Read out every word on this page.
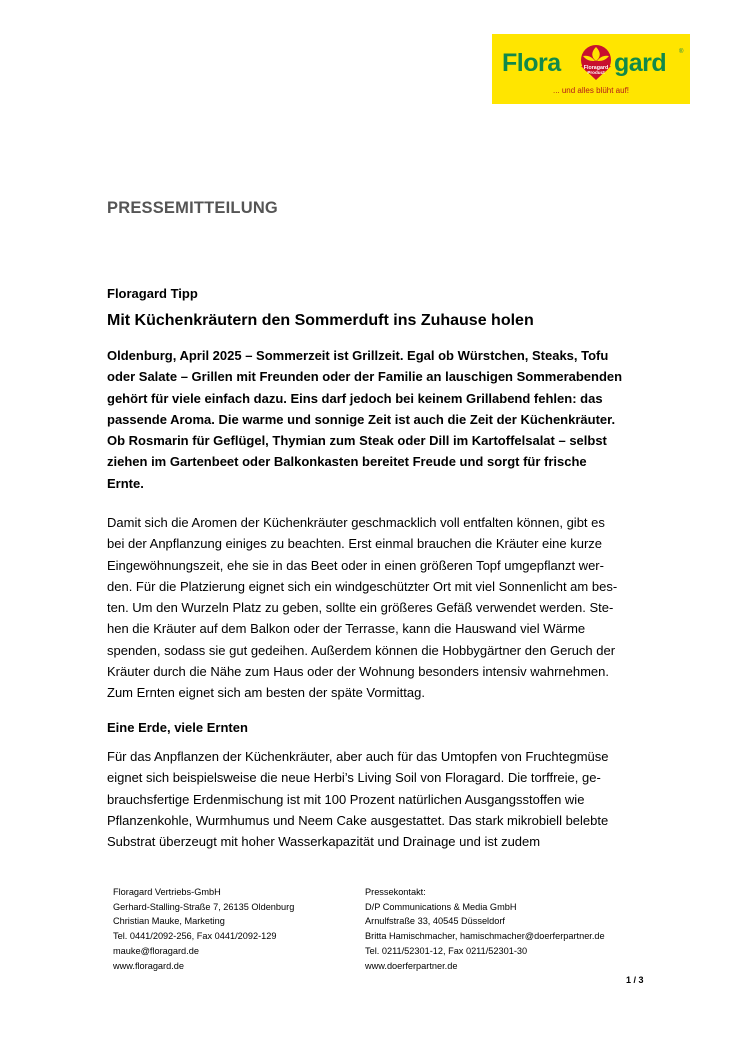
Flora	Floragard
Product gard ®
... und alles blüht auf!
PRESSEMITTEILUNG
Floragard Tipp
Mit Küchenkräutern den Sommerduft ins Zuhause holen

Oldenburg, April 2025 – Sommerzeit ist Grillzeit. Egal ob Würstchen, Steaks, Tofu
oder Salate – Grillen mit Freunden oder der Familie an lauschigen Sommerabenden
gehört für viele einfach dazu. Eins darf jedoch bei keinem Grillabend fehlen: das
passende Aroma. Die warme und sonnige Zeit ist auch die Zeit der Küchenkräuter.
Ob Rosmarin für Geflügel, Thymian zum Steak oder Dill im Kartoffelsalat – selbst
ziehen im Gartenbeet oder Balkonkasten bereitet Freude und sorgt für frische
Ernte.

Damit sich die Aromen der Küchenkräuter geschmacklich voll entfalten können, gibt es
bei der Anpflanzung einiges zu beachten. Erst einmal brauchen die Kräuter eine kurze
Eingewöhnungszeit, ehe sie in das Beet oder in einen größeren Topf umgepflanzt wer-
den. Für die Platzierung eignet sich ein windgeschützter Ort mit viel Sonnenlicht am bes-
ten. Um den Wurzeln Platz zu geben, sollte ein größeres Gefäß verwendet werden. Ste-
hen die Kräuter auf dem Balkon oder der Terrasse, kann die Hauswand viel Wärme
spenden, sodass sie gut gedeihen. Außerdem können die Hobbygärtner den Geruch der
Kräuter durch die Nähe zum Haus oder der Wohnung besonders intensiv wahrnehmen.
Zum Ernten eignet sich am besten der späte Vormittag.

Eine Erde, viele Ernten

Für das Anpflanzen der Küchenkräuter, aber auch für das Umtopfen von Fruchtegmüse
eignet sich beispielsweise die neue Herbi’s Living Soil von Floragard. Die torffreie, ge-
brauchsfertige Erdenmischung ist mit 100 Prozent natürlichen Ausgangsstoffen wie
Pflanzenkohle, Wurmhumus und Neem Cake ausgestattet. Das stark mikrobiell belebte
Substrat überzeugt mit hoher Wasserkapazität und Drainage und ist zudem

Floragard Vertriebs-GmbH
Gerhard-Stalling-Straße 7, 26135 Oldenburg
Christian Mauke, Marketing
Tel. 0441/2092-256, Fax 0441/2092-129
mauke@floragard.de
www.floragard.de
Pressekontakt:
D/P Communications & Media GmbH
Arnulfstraße 33, 40545 Düsseldorf
Britta Hamischmacher, hamischmacher@doerferpartner.de
Tel. 0211/52301-12, Fax 0211/52301-30
www.doerferpartner.de
1 / 3
